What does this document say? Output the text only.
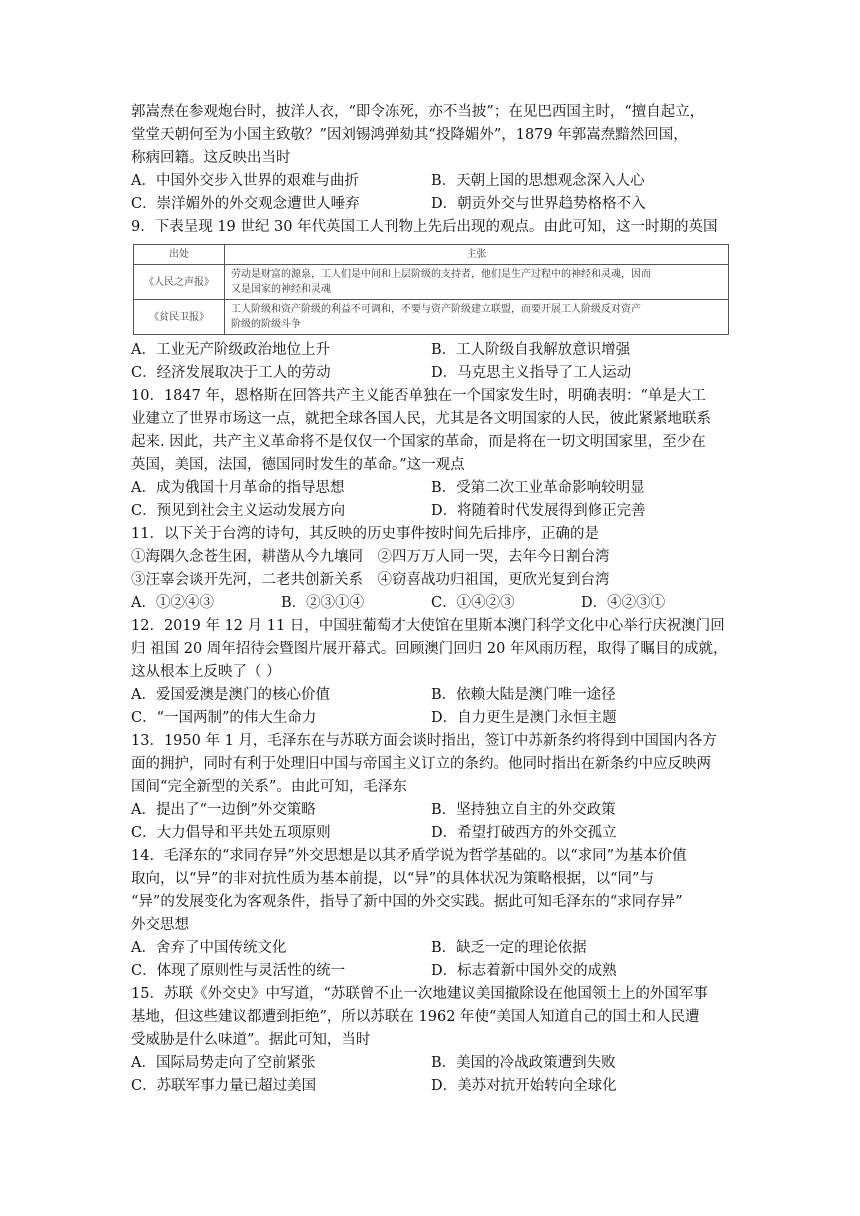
郭嵩焘在参观炮台时，披洋人衣，“即令冻死，亦不当披”；在见巴西国主时，“擅自起立，
堂堂天朝何至为小国主致敬？”因刘锡鸿弹劾其“投降媚外”，1879 年郭嵩焘黯然回国，
称病回籍。这反映出当时
A．中国外交步入世界的艰难与曲折	B．天朝上国的思想观念深入人心
C．崇洋媚外的外交观念遭世人唾弃	D．朝贡外交与世界趋势格格不入
9．下表呈现 19 世纪 30 年代英国工人刊物上先后出现的观点。由此可知，这一时期的英国
出处	主张
《人民之声报》	劳动是财富的源泉，工人们是中间和上层阶级的支持者，他们是生产过程中的神经和灵魂，因而
又是国家的神经和灵魂

《贫民卫报》	工人阶级和资产阶级的利益不可调和，不要与资产阶级建立联盟，而要开展工人阶级反对资产
阶级的阶级斗争
A．工业无产阶级政治地位上升	B．工人阶级自我解放意识增强
C．经济发展取决于工人的劳动	D．马克思主义指导了工人运动
10．1847 年，恩格斯在回答共产主义能否单独在一个国家发生时，明确表明：“单是大工
业建立了世界市场这一点，就把全球各国人民，尤其是各文明国家的人民，彼此紧紧地联系
起来. 因此，共产主义革命将不是仅仅一个国家的革命，而是将在一切文明国家里，至少在
英国，美国，法国，德国同时发生的革命。”这一观点
A．成为俄国十月革命的指导思想	B．受第二次工业革命影响较明显
C．预见到社会主义运动发展方向	D．将随着时代发展得到修正完善
11．以下关于台湾的诗句，其反映的历史事件按时间先后排序，正确的是
①海隅久念苍生困，耕凿从今九壤同　②四万万人同一哭，去年今日割台湾
③汪辜会谈开先河，二老共创新关系　④窃喜战功归祖国，更欣光复到台湾
A．①②④③	B．②③①④	C．①④②③	D．④②③①
12．2019 年 12 月 11 日，中国驻葡萄才大使馆在里斯本澳门科学文化中心举行庆祝澳门回
归 祖国 20 周年招待会暨图片展开幕式。回顾澳门回归 20 年风雨历程，取得了瞩目的成就，
这从根本上反映了（ ）
A．爱国爱澳是澳门的核心价值	B．依赖大陆是澳门唯一途径
C．“一国两制”的伟大生命力	D．自力更生是澳门永恒主题
13．1950 年 1 月，毛泽东在与苏联方面会谈时指出，签订中苏新条约将得到中国国内各方
面的拥护，同时有利于处理旧中国与帝国主义订立的条约。他同时指出在新条约中应反映两
国间“完全新型的关系”。由此可知，毛泽东
A．提出了“一边倒”外交策略	B．坚持独立自主的外交政策
C．大力倡导和平共处五项原则	D．希望打破西方的外交孤立
14．毛泽东的“求同存异”外交思想是以其矛盾学说为哲学基础的。以“求同”为基本价值
取向，以“异”的非对抗性质为基本前提，以“异”的具体状况为策略根据，以“同”与
“异”的发展变化为客观条件，指导了新中国的外交实践。据此可知毛泽东的“求同存异”
外交思想
A．舍弃了中国传统文化	B．缺乏一定的理论依据
C．体现了原则性与灵活性的统一	D．标志着新中国外交的成熟
15．苏联《外交史》中写道，“苏联曾不止一次地建议美国撤除设在他国领土上的外国军事
基地，但这些建议都遭到拒绝”，所以苏联在 1962 年使“美国人知道自己的国土和人民遭
受威胁是什么味道”。据此可知，当时
A．国际局势走向了空前紧张	B．美国的冷战政策遭到失败
C．苏联军事力量已超过美国	D．美苏对抗开始转向全球化
